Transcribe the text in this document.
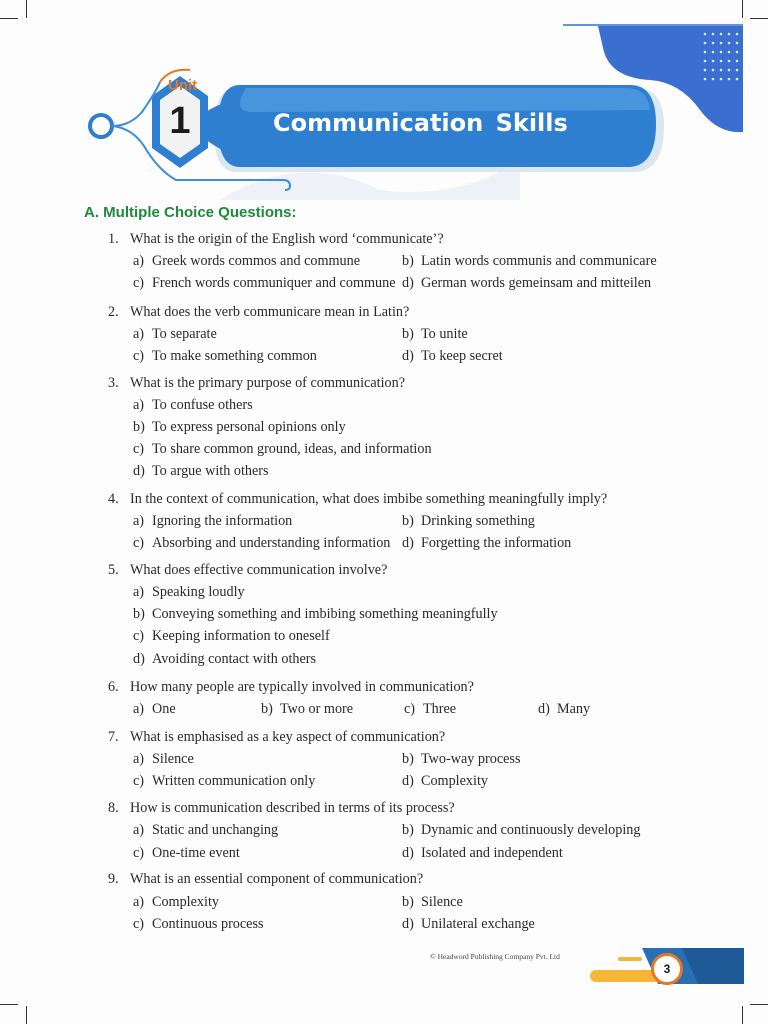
Unit
1	Communication Skills
A. Multiple Choice Questions:
1. What is the origin of the English word ‘communicate’?
a) Greek words commos and commune	b) Latin words communis and communicare
c) French words communiquer and commune d) German words gemeinsam and mitteilen
2. What does the verb communicare mean in Latin?
a) To separate	b) To unite
c) To make something common	d) To keep secret
3. What is the primary purpose of communication?
a) To confuse others
b) To express personal opinions only
c) To share common ground, ideas, and information
d) To argue with others
4. In the context of communication, what does imbibe something meaningfully imply?
a) Ignoring the information	b) Drinking something
c) Absorbing and understanding information d) Forgetting the information
5. What does effective communication involve?
a) Speaking loudly
b) Conveying something and imbibing something meaningfully
c) Keeping information to oneself
d) Avoiding contact with others
6. How many people are typically involved in communication?
a) One	b) Two or more	c) Three	d) Many
7. What is emphasised as a key aspect of communication?
a) Silence	b) Two-way process
c) Written communication only	d) Complexity
8. How is communication described in terms of its process?
a) Static and unchanging	b) Dynamic and continuously developing
c) One-time event	d) Isolated and independent
9. What is an essential component of communication?
a) Complexity	b) Silence
c) Continuous process	d) Unilateral exchange
© Headword Publishing Company Pvt. Ltd
3
